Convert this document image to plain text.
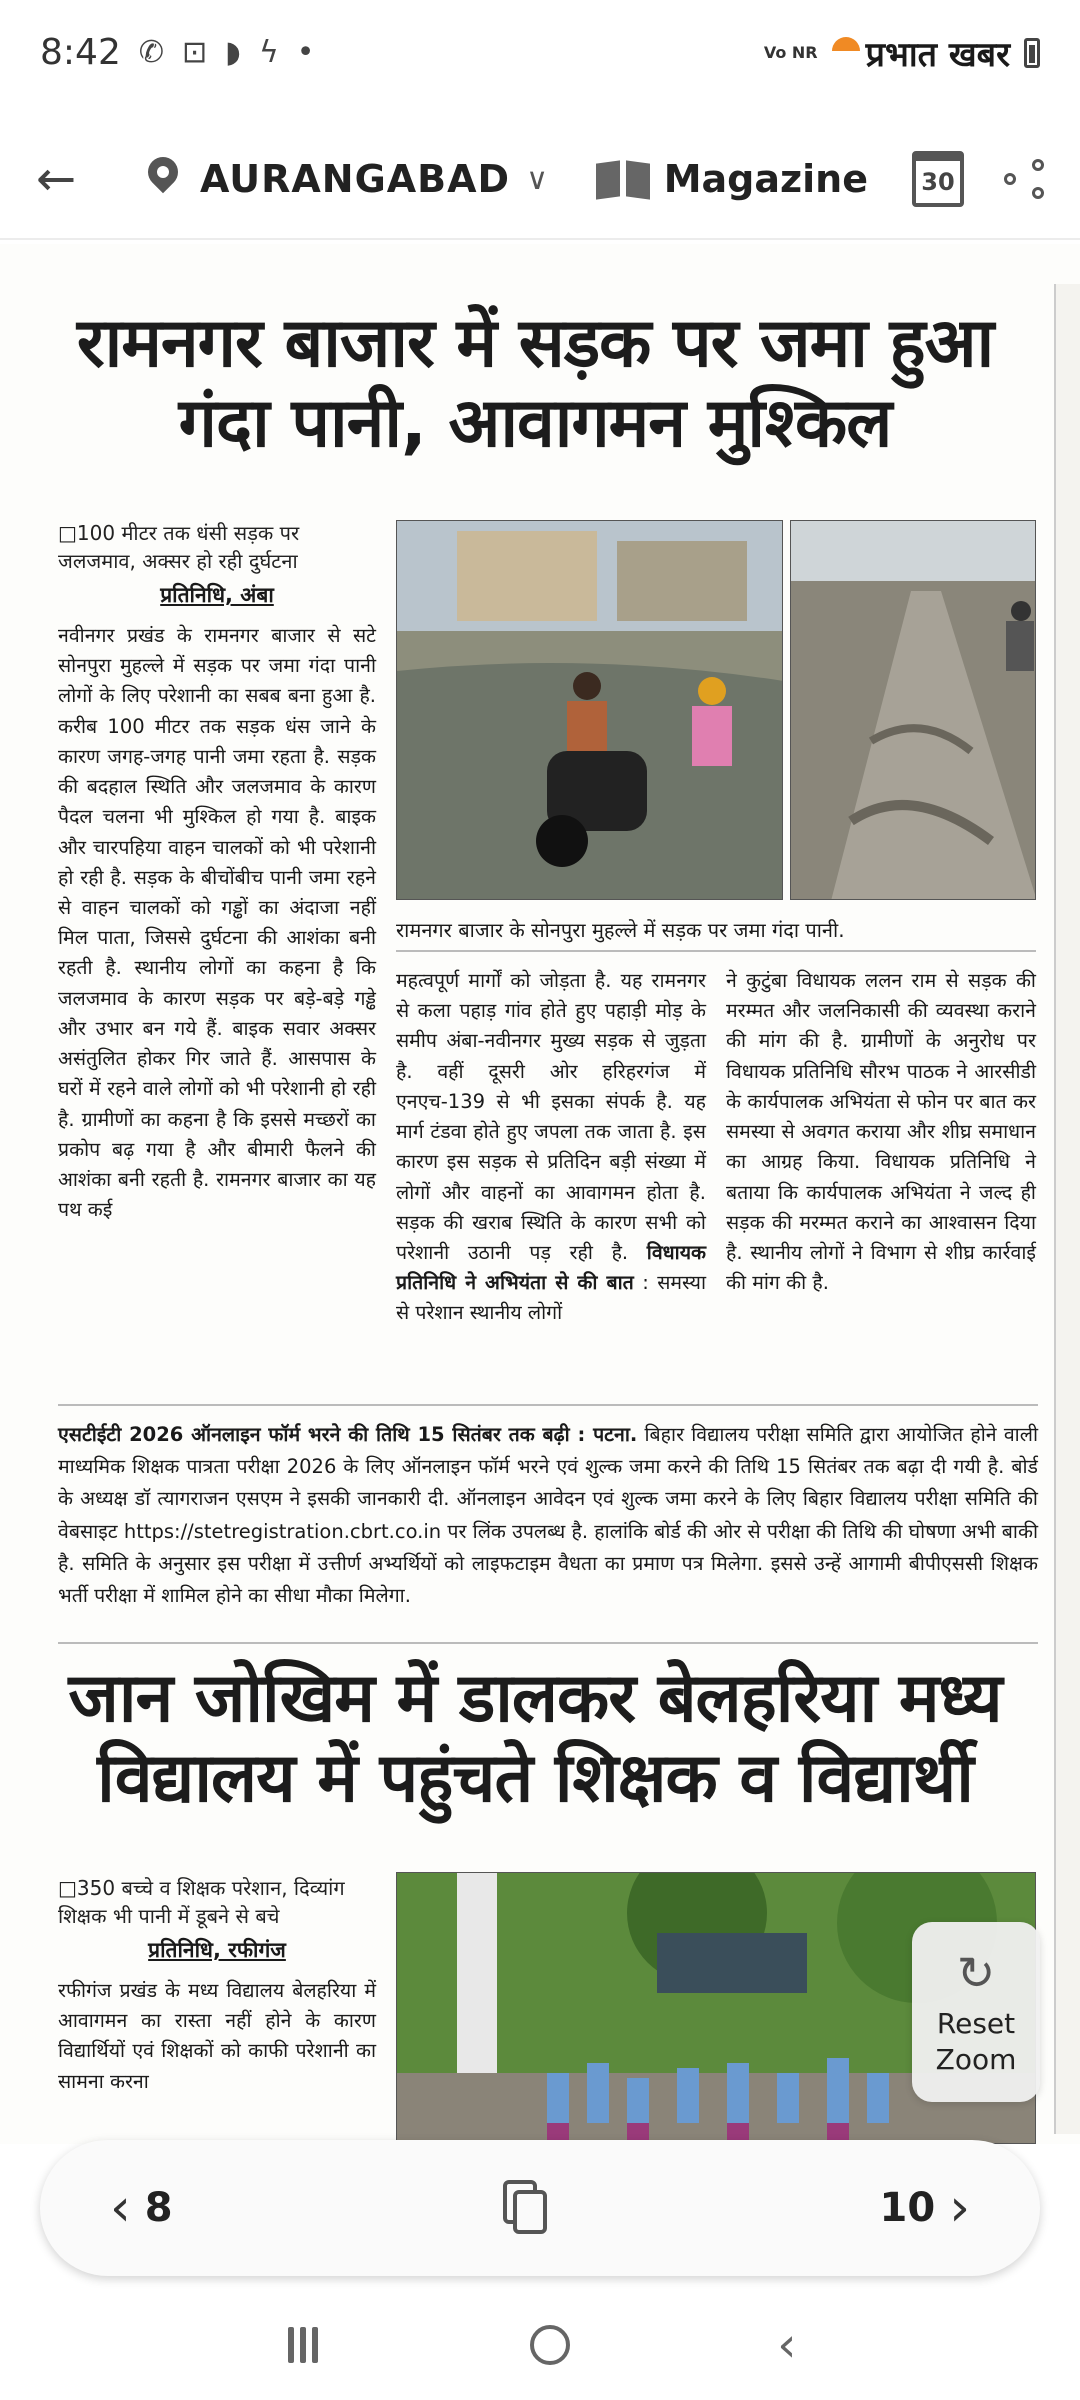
8:42 ✆ ⊡ ◗ ϟ •	Vo NR प्रभात खबर
←	AURANGABAD ∨	Magazine	30
रामनगर बाजार में सड़क पर जमा हुआ
गंदा पानी, आवागमन मुश्किल
□ 100 मीटर तक धंसी सड़क पर जलजमाव, अक्सर हो रही दुर्घटना
प्रतिनिधि, अंबा
नवीनगर प्रखंड के रामनगर बाजार से सटे सोनपुरा मुहल्ले में सड़क पर जमा गंदा पानी लोगों के लिए परेशानी का सबब बना हुआ है. करीब 100 मीटर तक सड़क धंस जाने के कारण जगह-जगह पानी जमा रहता है. सड़क की बदहाल स्थिति और जलजमाव के कारण पैदल चलना भी मुश्किल हो गया है. बाइक और चारपहिया वाहन चालकों को भी परेशानी हो रही है. सड़क के बीचोंबीच पानी जमा रहने से वाहन चालकों को गड्ढों का अंदाजा नहीं मिल पाता, जिससे दुर्घटना की आशंका बनी रहती है. स्थानीय लोगों का कहना है कि जलजमाव के कारण सड़क पर बड़े-बड़े गड्ढे और उभार बन गये हैं. बाइक सवार अक्सर असंतुलित होकर गिर जाते हैं. आसपास के घरों में रहने वाले लोगों को भी परेशानी हो रही है. ग्रामीणों का कहना है कि इससे मच्छरों का प्रकोप बढ़ गया है और बीमारी फैलने की आशंका बनी रहती है. रामनगर बाजार का यह पथ कई
रामनगर बाजार के सोनपुरा मुहल्ले में सड़क पर जमा गंदा पानी.
महत्वपूर्ण मार्गों को जोड़ता है. यह रामनगर से कला पहाड़ गांव होते हुए पहाड़ी मोड़ के समीप अंबा-नवीनगर मुख्य सड़क से जुड़ता है. वहीं दूसरी ओर हरिहरगंज में एनएच-139 से भी इसका संपर्क है. यह मार्ग टंडवा होते हुए जपला तक जाता है. इस कारण इस सड़क से प्रतिदिन बड़ी संख्या में लोगों और वाहनों का आवागमन होता है. सड़क की खराब स्थिति के कारण सभी को परेशानी उठानी पड़ रही है. विधायक प्रतिनिधि ने अभियंता से की बात : समस्या से परेशान स्थानीय लोगों
ने कुटुंबा विधायक ललन राम से सड़क की मरम्मत और जलनिकासी की व्यवस्था कराने की मांग की है. ग्रामीणों के अनुरोध पर विधायक प्रतिनिधि सौरभ पाठक ने आरसीडी के कार्यपालक अभियंता से फोन पर बात कर समस्या से अवगत कराया और शीघ्र समाधान का आग्रह किया. विधायक प्रतिनिधि ने बताया कि कार्यपालक अभियंता ने जल्द ही सड़क की मरम्मत कराने का आश्वासन दिया है. स्थानीय लोगों ने विभाग से शीघ्र कार्रवाई की मांग की है.
एसटीईटी 2026 ऑनलाइन फॉर्म भरने की तिथि 15 सितंबर तक बढ़ी : पटना. बिहार विद्यालय परीक्षा समिति द्वारा आयोजित होने वाली माध्यमिक शिक्षक पात्रता परीक्षा 2026 के लिए ऑनलाइन फॉर्म भरने एवं शुल्क जमा करने की तिथि 15 सितंबर तक बढ़ा दी गयी है. बोर्ड के अध्यक्ष डॉ त्यागराजन एसएम ने इसकी जानकारी दी. ऑनलाइन आवेदन एवं शुल्क जमा करने के लिए बिहार विद्यालय परीक्षा समिति की वेबसाइट https://stetregistration.cbrt.co.in पर लिंक उपलब्ध है. हालांकि बोर्ड की ओर से परीक्षा की तिथि की घोषणा अभी बाकी है. समिति के अनुसार इस परीक्षा में उत्तीर्ण अभ्यर्थियों को लाइफटाइम वैधता का प्रमाण पत्र मिलेगा. इससे उन्हें आगामी बीपीएससी शिक्षक भर्ती परीक्षा में शामिल होने का सीधा मौका मिलेगा.
जान जोखिम में डालकर बेलहरिया मध्य
विद्यालय में पहुंचते शिक्षक व विद्यार्थी
□ 350 बच्चे व शिक्षक परेशान, दिव्यांग शिक्षक भी पानी में डूबने से बचे
प्रतिनिधि, रफीगंज
रफीगंज प्रखंड के मध्य विद्यालय बेलहरिया में आवागमन का रास्ता नहीं होने के कारण विद्यार्थियों एवं शिक्षकों को काफी परेशानी का सामना करना
↻
Reset Zoom
‹ 8	10 ›
‹
